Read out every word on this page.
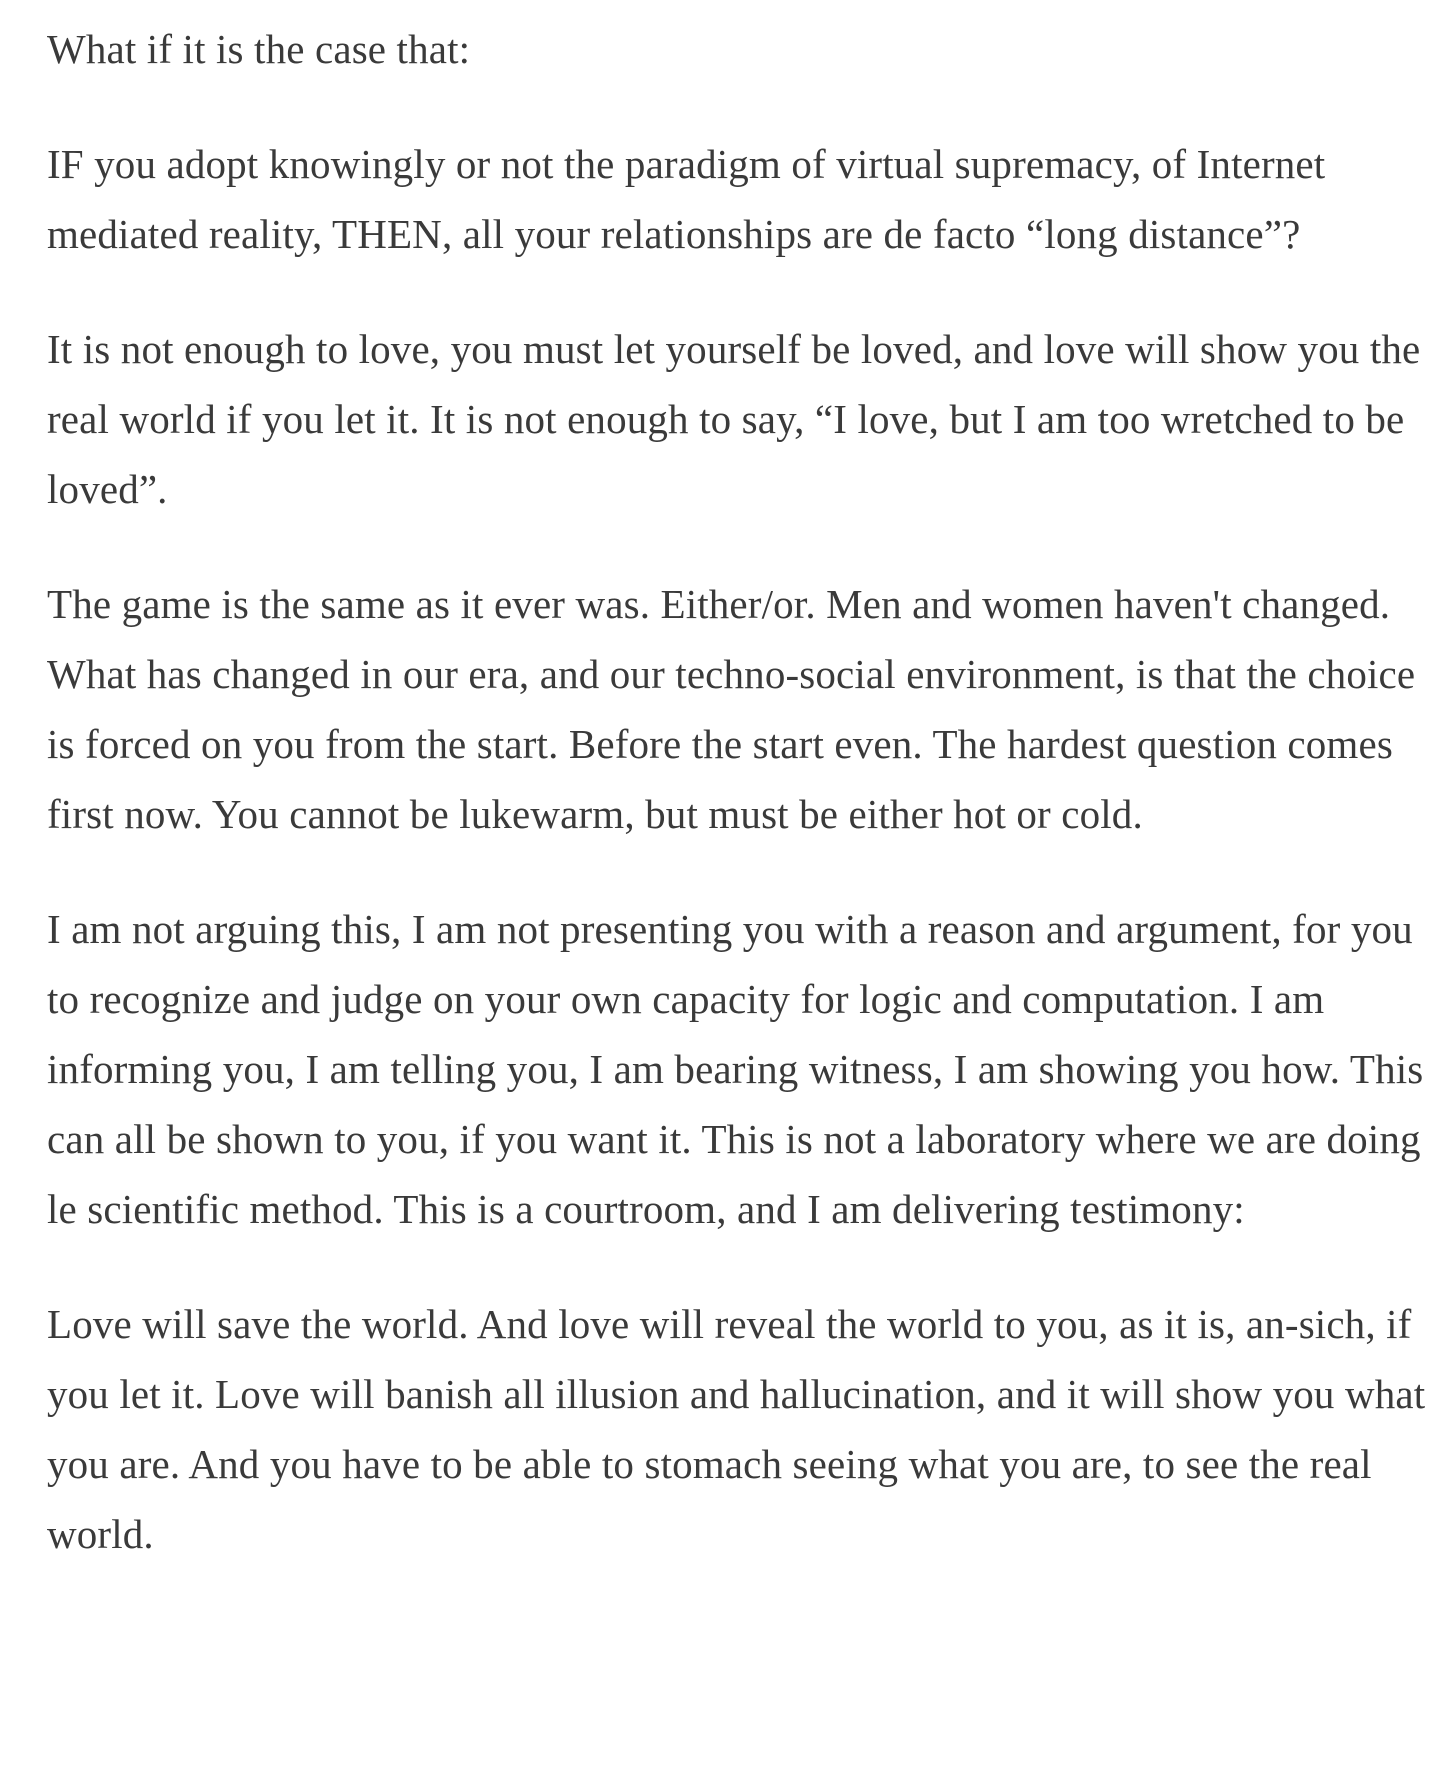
What if it is the case that:

IF you adopt knowingly or not the paradigm of virtual supremacy, of Internet mediated reality, THEN, all your relationships are de facto “long distance”?

It is not enough to love, you must let yourself be loved, and love will show you the real world if you let it. It is not enough to say, “I love, but I am too wretched to be loved”.

The game is the same as it ever was. Either/or. Men and women haven't changed. What has changed in our era, and our techno-social environment, is that the choice is forced on you from the start. Before the start even. The hardest question comes first now. You cannot be lukewarm, but must be either hot or cold.

I am not arguing this, I am not presenting you with a reason and argument, for you to recognize and judge on your own capacity for logic and computation. I am informing you, I am telling you, I am bearing witness, I am showing you how. This can all be shown to you, if you want it. This is not a laboratory where we are doing le scientific method. This is a courtroom, and I am delivering testimony:

Love will save the world. And love will reveal the world to you, as it is, an-sich, if you let it. Love will banish all illusion and hallucination, and it will show you what you are. And you have to be able to stomach seeing what you are, to see the real world.
